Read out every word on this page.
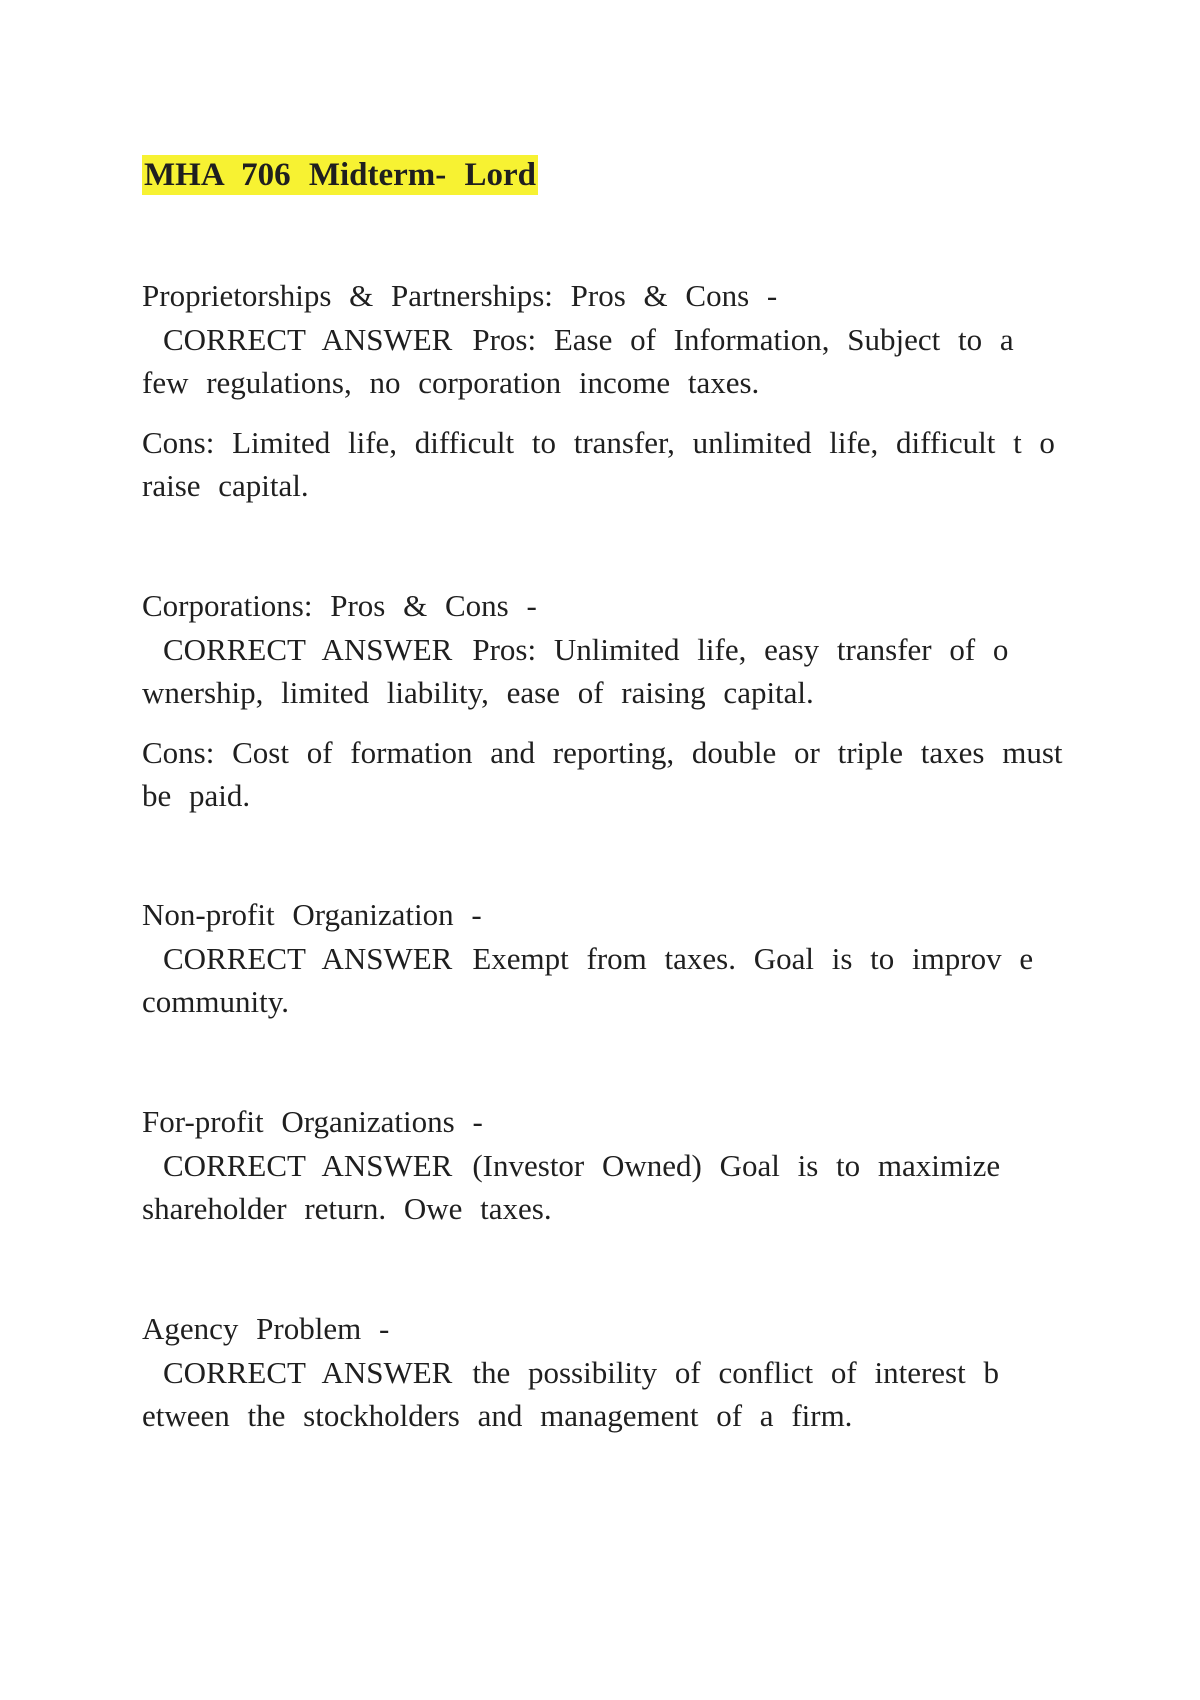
MHA 706 Midterm- Lord

Proprietorships & Partnerships: Pros & Cons -

CORRECT ANSWER Pros: Ease of Information, Subject to a few regulations, no corporation income taxes.

Cons: Limited life, difficult to transfer, unlimited life, difficult t o raise capital.

Corporations: Pros & Cons -

CORRECT ANSWER Pros: Unlimited life, easy transfer of o wnership, limited liability, ease of raising capital.

Cons: Cost of formation and reporting, double or triple taxes must be paid.

Non-profit Organization -

CORRECT ANSWER Exempt from taxes. Goal is to improv e community.

For-profit Organizations -

CORRECT ANSWER (Investor Owned) Goal is to maximize shareholder return. Owe taxes.

Agency Problem -

CORRECT ANSWER the possibility of conflict of interest b etween the stockholders and management of a firm.
